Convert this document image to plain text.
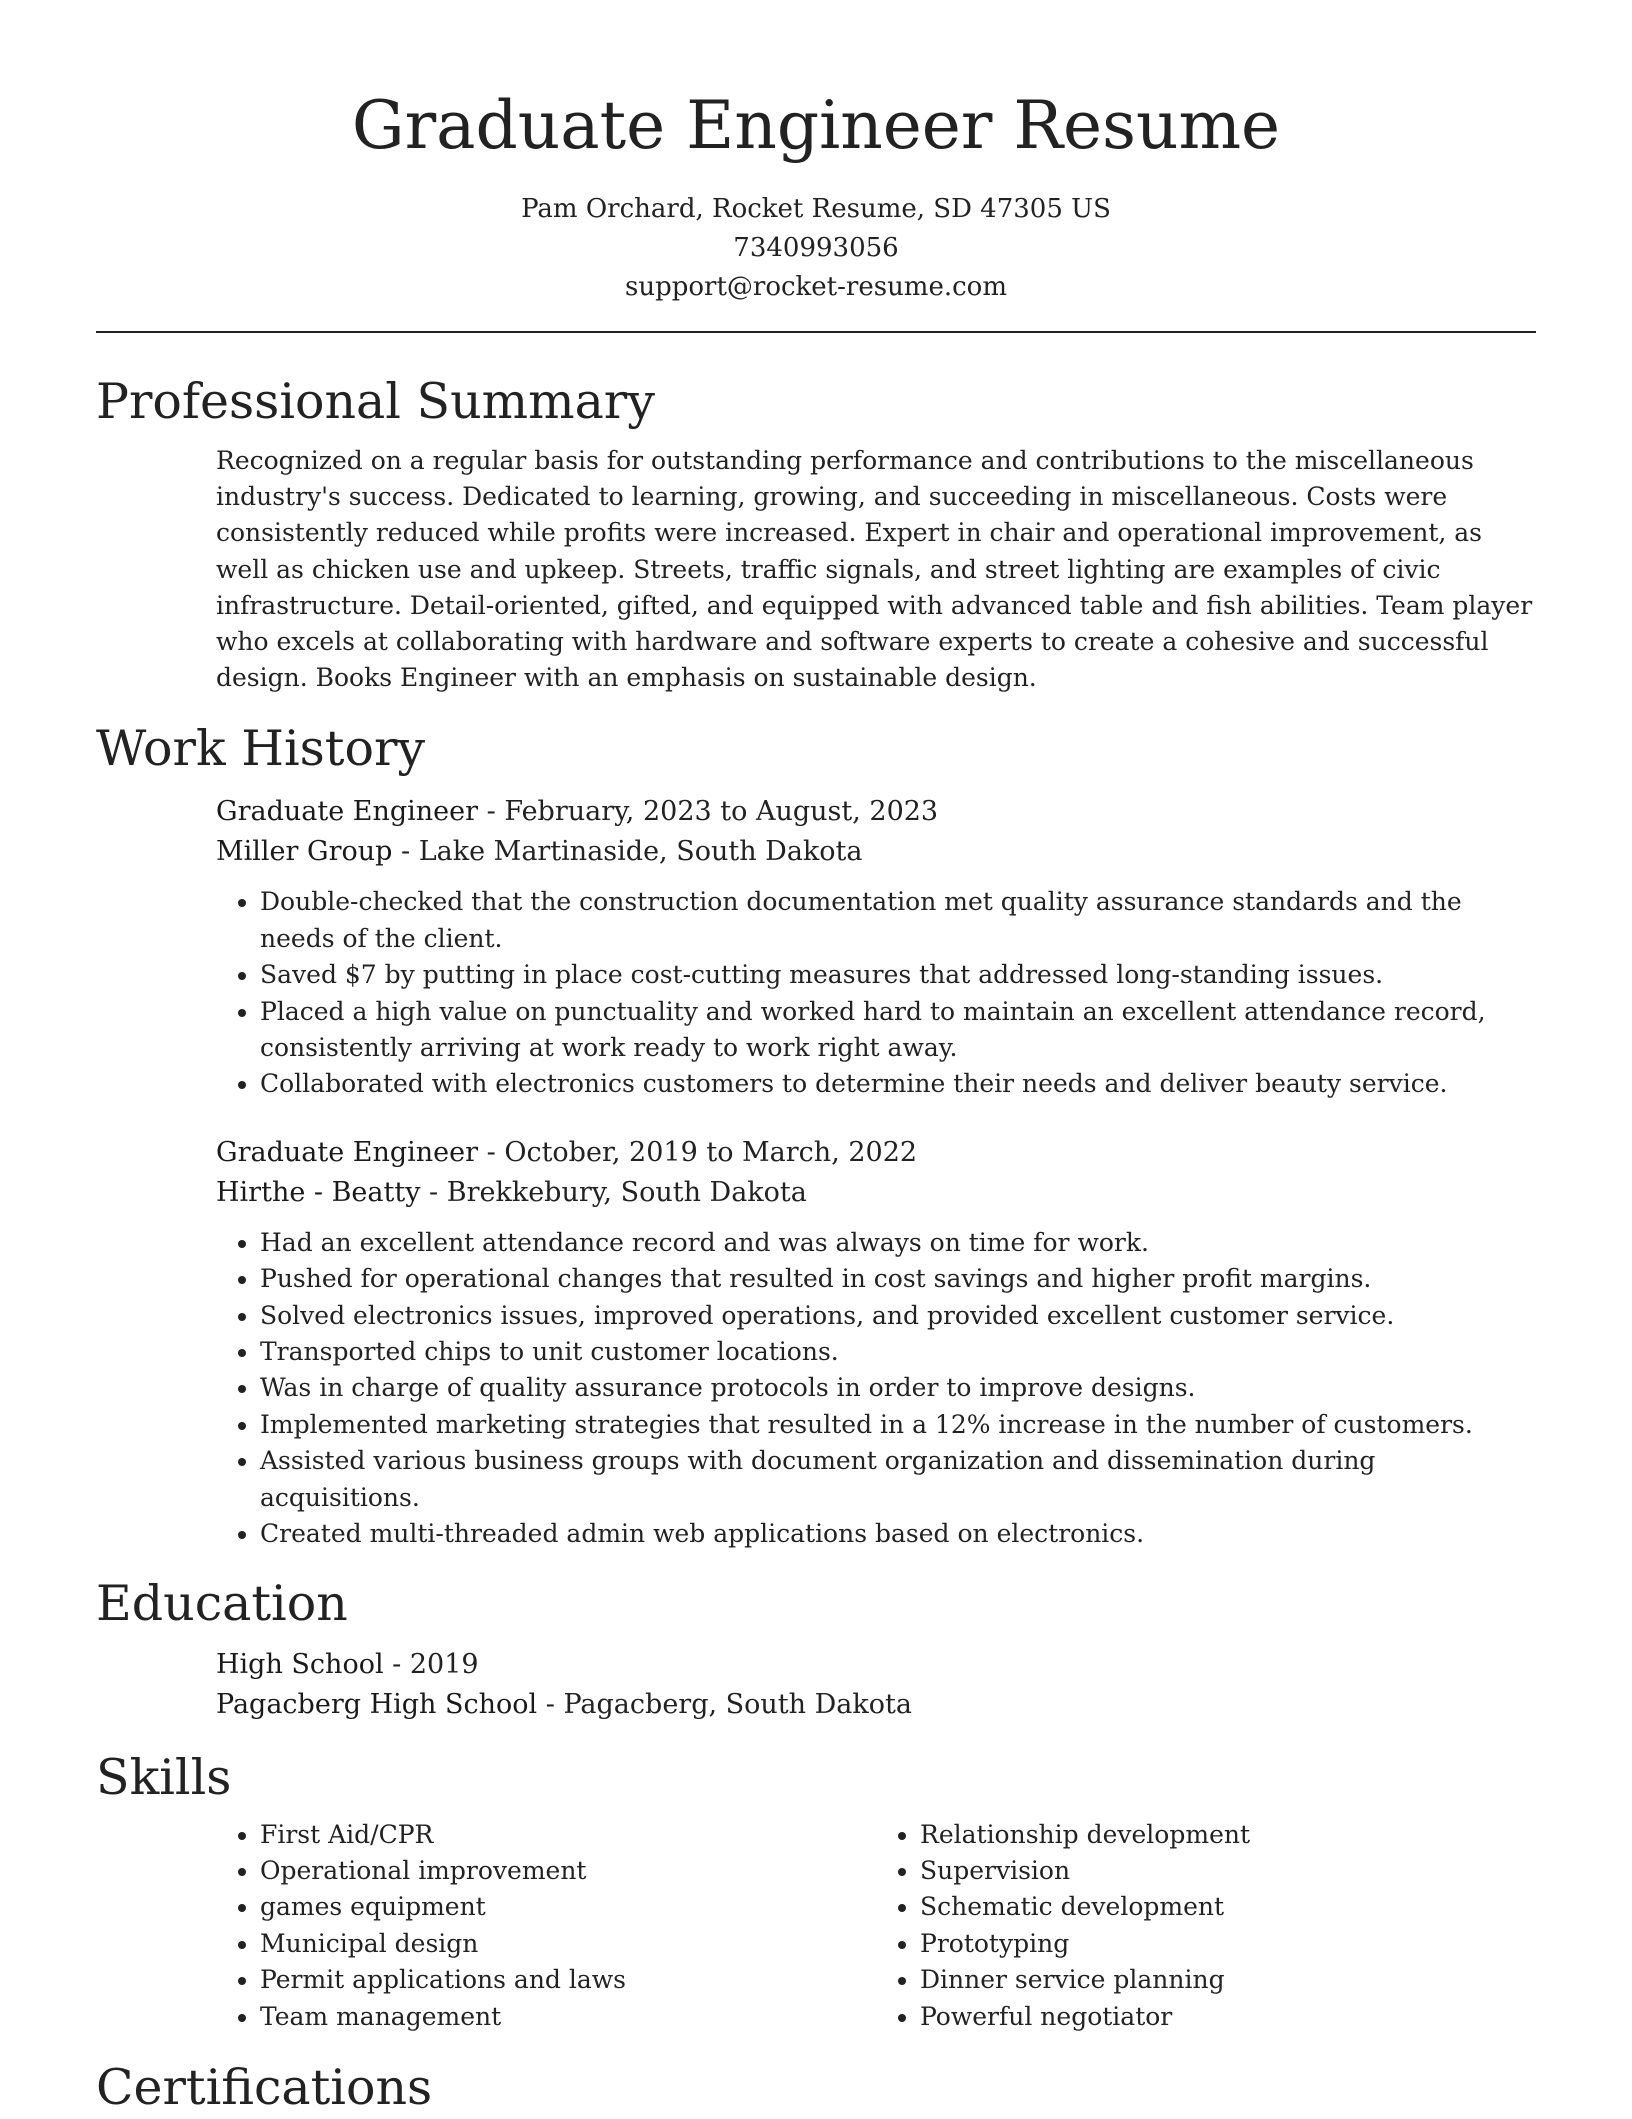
Graduate Engineer Resume
Pam Orchard, Rocket Resume, SD 47305 US
7340993056
support@rocket-resume.com
Professional Summary

Recognized on a regular basis for outstanding performance and contributions to the miscellaneous industry's success. Dedicated to learning, growing, and succeeding in miscellaneous. Costs were consistently reduced while profits were increased. Expert in chair and operational improvement, as well as chicken use and upkeep. Streets, traffic signals, and street lighting are examples of civic infrastructure. Detail-oriented, gifted, and equipped with advanced table and fish abilities. Team player who excels at collaborating with hardware and software experts to create a cohesive and successful design. Books Engineer with an emphasis on sustainable design.

Work History

Graduate Engineer - February, 2023 to August, 2023

Miller Group - Lake Martinaside, South Dakota

• Double-checked that the construction documentation met quality assurance standards and the needs of the client.
• Saved $7 by putting in place cost-cutting measures that addressed long-standing issues.
• Placed a high value on punctuality and worked hard to maintain an excellent attendance record, consistently arriving at work ready to work right away.
• Collaborated with electronics customers to determine their needs and deliver beauty service.

Graduate Engineer - October, 2019 to March, 2022

Hirthe - Beatty - Brekkebury, South Dakota

• Had an excellent attendance record and was always on time for work.
• Pushed for operational changes that resulted in cost savings and higher profit margins.
• Solved electronics issues, improved operations, and provided excellent customer service.
• Transported chips to unit customer locations.
• Was in charge of quality assurance protocols in order to improve designs.
• Implemented marketing strategies that resulted in a 12% increase in the number of customers.
• Assisted various business groups with document organization and dissemination during acquisitions.
• Created multi-threaded admin web applications based on electronics.
Education

High School - 2019

Pagacberg High School - Pagacberg, South Dakota

Skills
• First Aid/CPR
• Operational improvement
• games equipment
• Municipal design
• Permit applications and laws
• Team management
• Relationship development
• Supervision
• Schematic development
• Prototyping
• Dinner service planning
• Powerful negotiator
Certifications
